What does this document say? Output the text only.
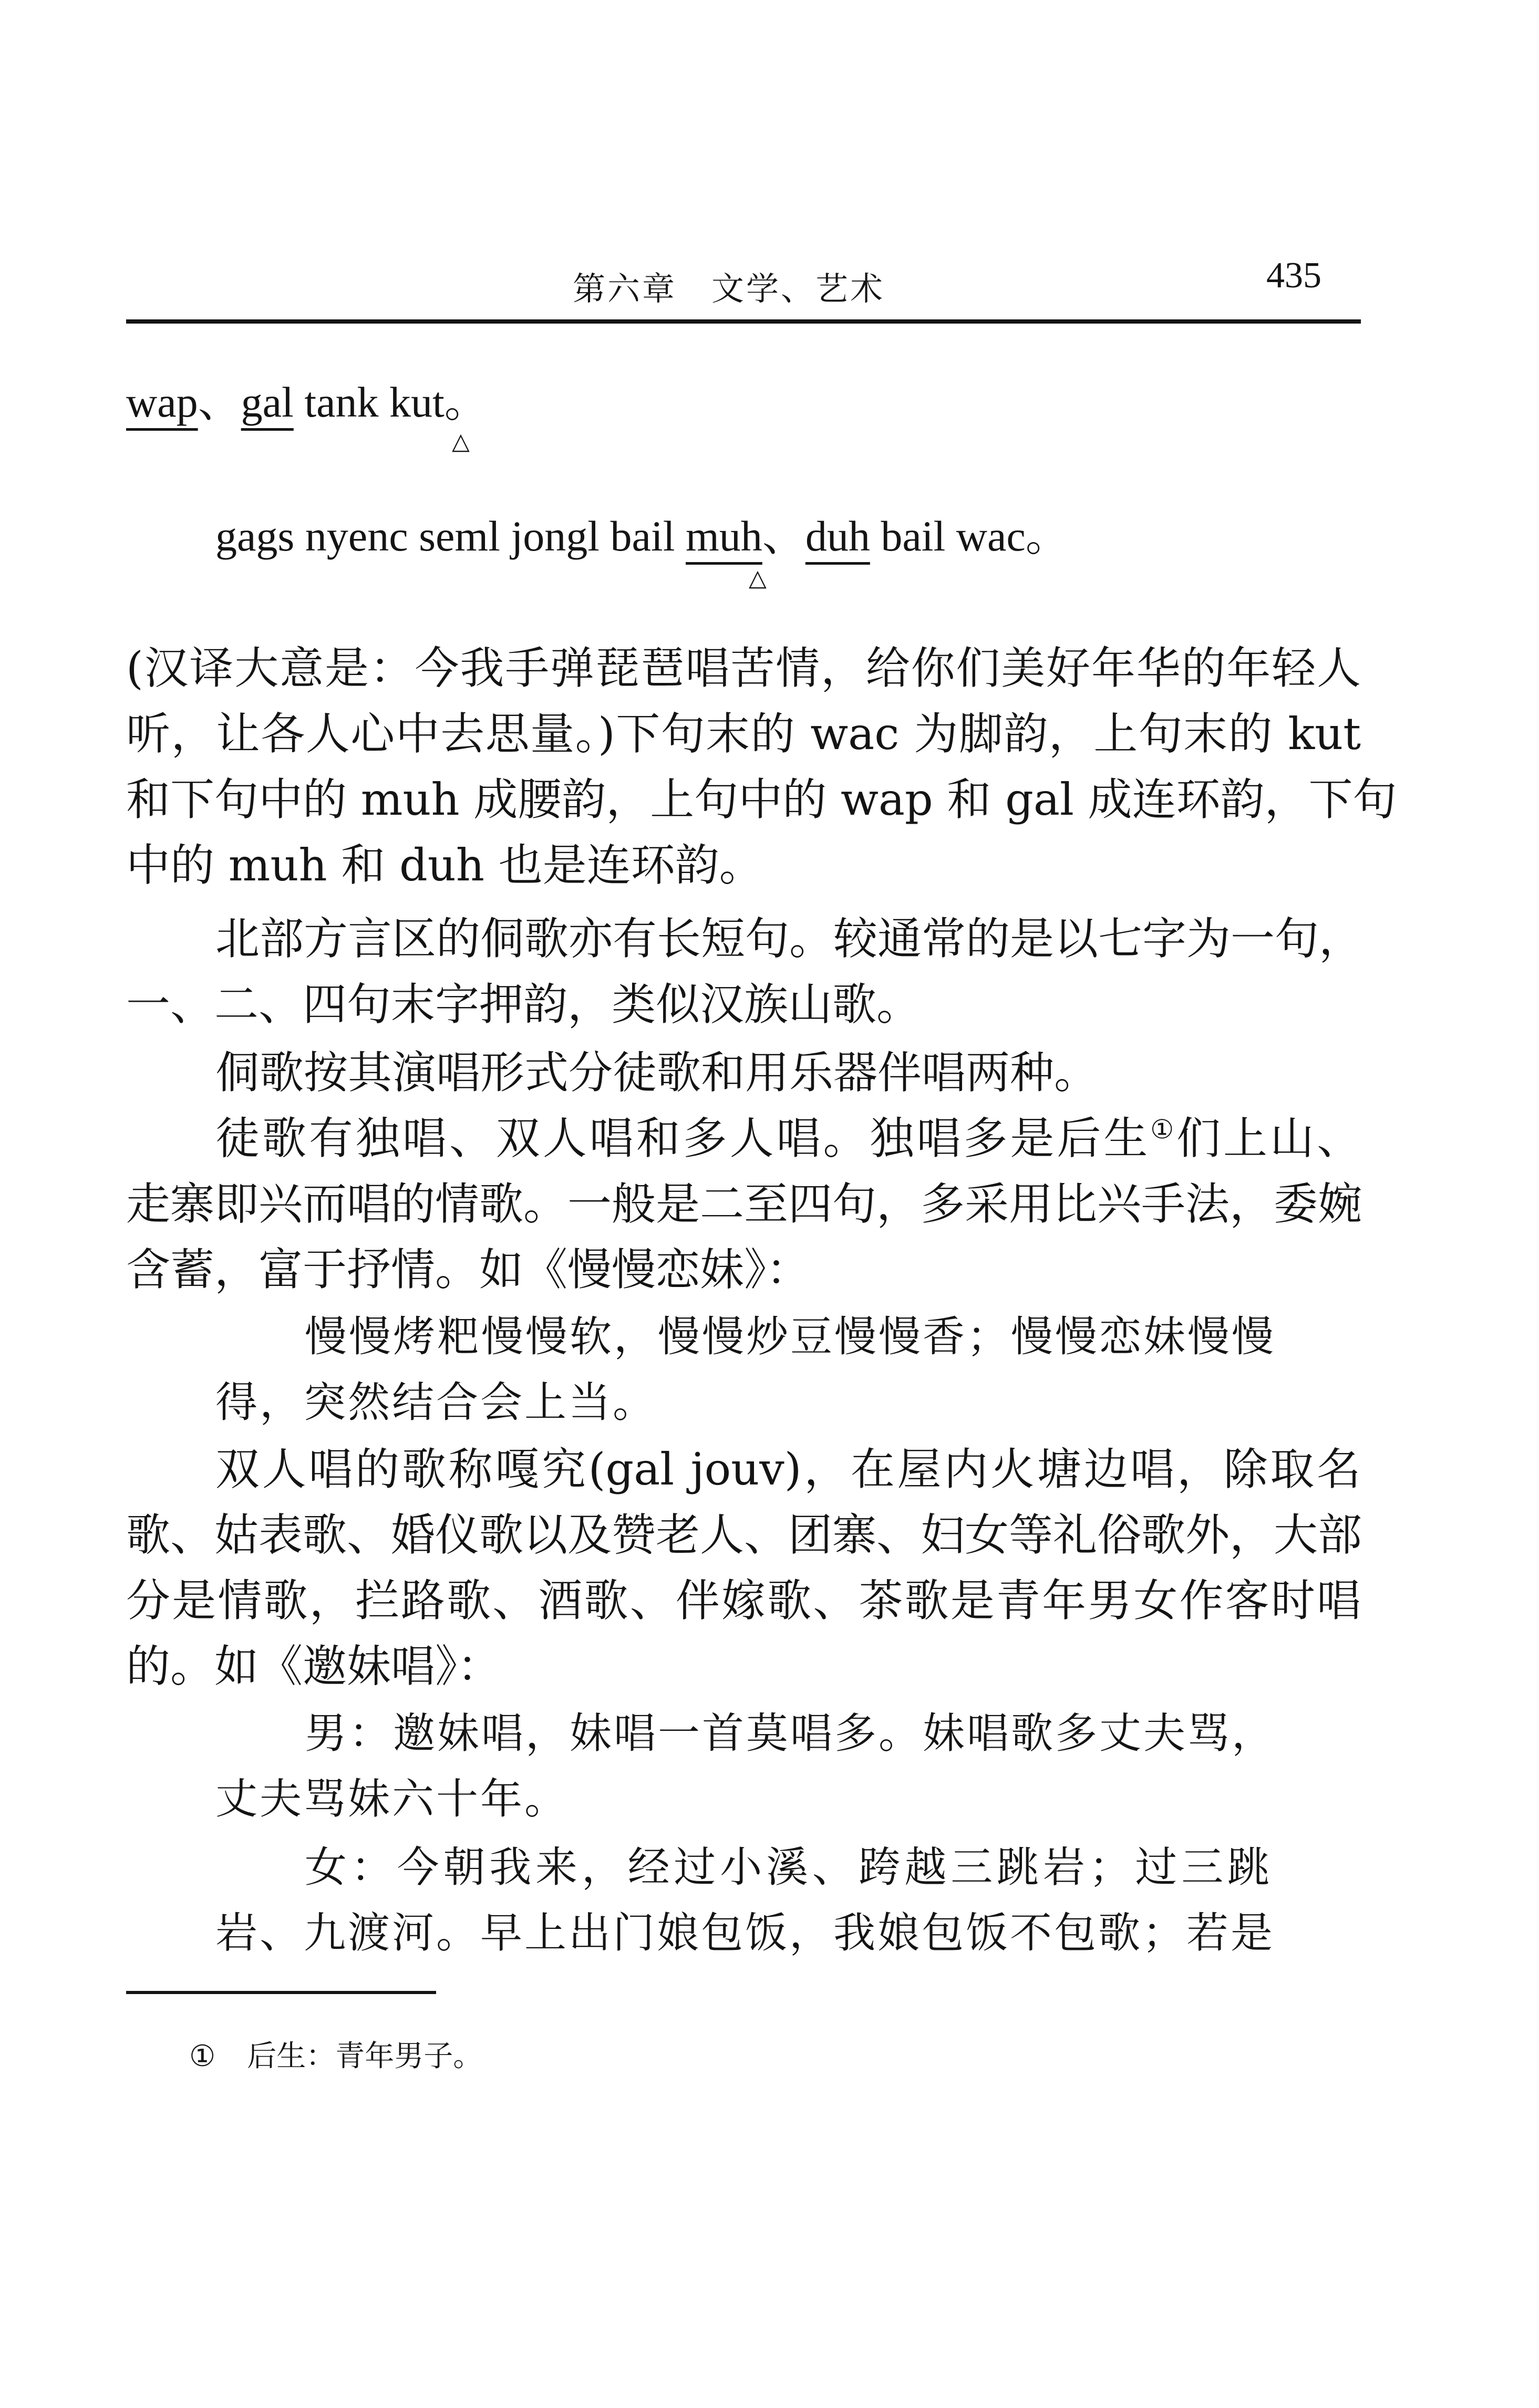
第六章　文学、艺术	435
wap、gal tank kut。
△
gags nyenc seml jongl bail muh、duh bail wac。
△
(汉译大意是：今我手弹琵琶唱苦情，给你们美好年华的年轻人
听，让各人心中去思量。)下句末的 wac 为脚韵，上句末的 kut
和下句中的 muh 成腰韵，上句中的 wap 和 gal 成连环韵，下句
中的 muh 和 duh 也是连环韵。
北部方言区的侗歌亦有长短句。较通常的是以七字为一句，
一、二、四句末字押韵，类似汉族山歌。
侗歌按其演唱形式分徒歌和用乐器伴唱两种。
徒歌有独唱、双人唱和多人唱。独唱多是后生①们上山、
走寨即兴而唱的情歌。一般是二至四句，多采用比兴手法，委婉
含蓄，富于抒情。如《慢慢恋妹》：
慢慢烤粑慢慢软，慢慢炒豆慢慢香；慢慢恋妹慢慢
得，突然结合会上当。
双人唱的歌称嘎究(gal jouv)，在屋内火塘边唱，除取名
歌、姑表歌、婚仪歌以及赞老人、团寨、妇女等礼俗歌外，大部
分是情歌，拦路歌、酒歌、伴嫁歌、茶歌是青年男女作客时唱
的。如《邀妹唱》：
男：邀妹唱，妹唱一首莫唱多。妹唱歌多丈夫骂，
丈夫骂妹六十年。
女：今朝我来，经过小溪、跨越三跳岩；过三跳
岩、九渡河。早上出门娘包饭，我娘包饭不包歌；若是
① 后生：青年男子。
